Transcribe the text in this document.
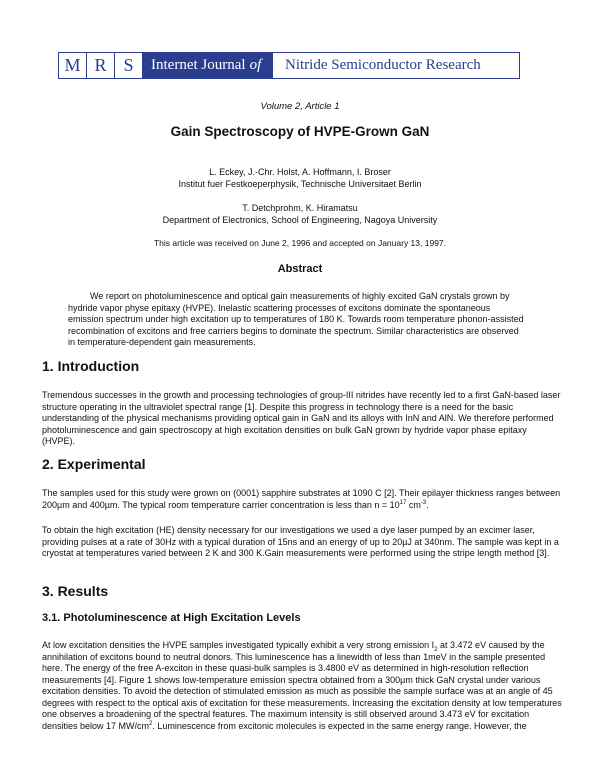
M R S	Internet Journal of	Nitride Semiconductor Research
Volume 2, Article 1
Gain Spectroscopy of HVPE-Grown GaN
L. Eckey, J.-Chr. Holst, A. Hoffmann, I. Broser
Institut fuer Festkoeperphysik, Technische Universitaet Berlin
T. Detchprohm, K. Hiramatsu
Department of Electronics, School of Engineering, Nagoya University
This article was received on June 2, 1996 and accepted on January 13, 1997.
Abstract

We report on photoluminescence and optical gain measurements of highly excited GaN crystals grown by hydride vapor physe epitaxy (HVPE). Inelastic scattering processes of excitons dominate the spontaneous emission spectrum under high excitation up to temperatures of 180 K. Towards room temperature phonon-assisted recombination of excitons and free carriers begins to dominate the spectrum. Similar characteristics are observed in temperature-dependent gain measurements.

1. Introduction

Tremendous successes in the growth and processing technologies of group-III nitrides have recently led to a first GaN-based laser structure operating in the ultraviolet spectral range [1]. Despite this progress in technology there is a need for the basic understanding of the physical mechanisms providing optical gain in GaN and its alloys with InN and AlN. We therefore performed photoluminescence and gain spectroscopy at high excitation densities on bulk GaN grown by hydride vapor phase epitaxy (HVPE).

2. Experimental

The samples used for this study were grown on (0001) sapphire substrates at 1090 C [2]. Their epilayer thickness ranges between 200µm and 400µm. The typical room temperature carrier concentration is less than $n = 10^{17}$ $cm^{-3}$.

To obtain the high excitation (HE) density necessary for our investigations we used a dye laser pumped by an excimer laser, providing pulses at a rate of 30Hz with a typical duration of 15ns and an energy of up to 20µJ at 340nm. The sample was kept in a cryostat at temperatures varied between 2 K and 300 K.Gain measurements were performed using the stripe length method [3].

3. Results
3.1. Photoluminescence at High Excitation Levels

At low excitation densities the HVPE samples investigated typically exhibit a very strong emission $I_2$ at 3.472 eV caused by the annihilation of excitons bound to neutral donors. This luminescence has a linewidth of less than 1meV in the sample presented here. The energy of the free A-exciton in these quasi-bulk samples is 3.4800 eV as determined in high-resolution reflection measurements [4]. Figure 1 shows low-temperature emission spectra obtained from a 300µm thick GaN crystal under various excitation densities. To avoid the detection of stimulated emission as much as possible the sample surface was at an angle of 45 degrees with respect to the optical axis of excitation for these measurements. Increasing the excitation density at low temperatures one observes a broadening of the spectral features. The maximum intensity is still observed around 3.473 eV for excitation densities below 17 $MW/cm^2$. Luminescence from excitonic molecules is expected in the same energy range. However, the
